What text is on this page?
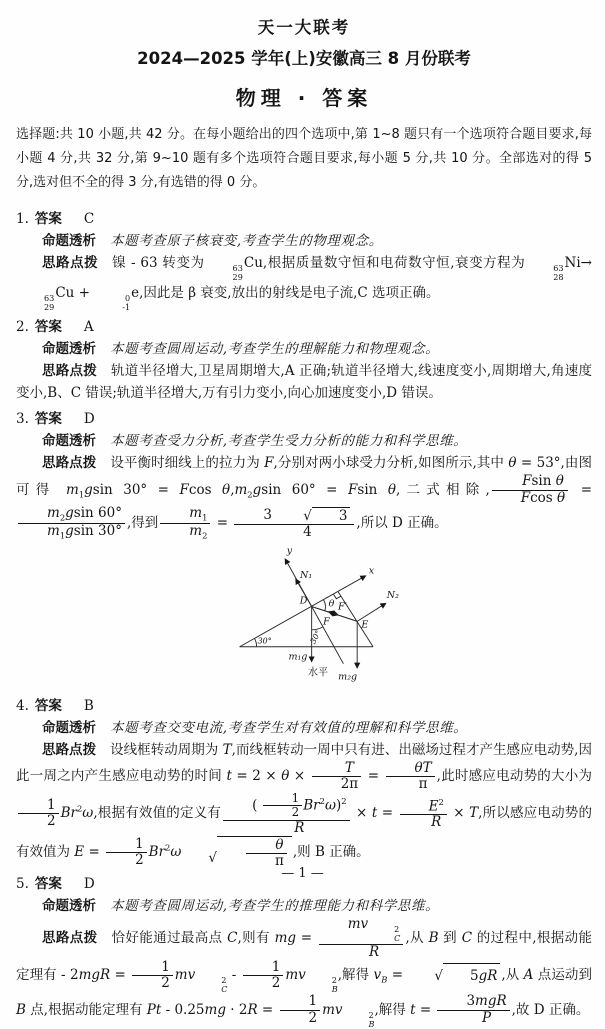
天一大联考
2024—2025 学年(上)安徽高三 8 月份联考
物理 · 答案

选择题:共 10 小题,共 42 分。在每小题给出的四个选项中,第 1~8 题只有一个选项符合题目要求,每小题 4 分,共 32 分,第 9~10 题有多个选项符合题目要求,每小题 5 分,共 10 分。全部选对的得 5 分,选对但不全的得 3 分,有选错的得 0 分。

1. 答案 C

命题透析 本题考查原子核衰变,考查学生的物理观念。

思路点拨 镍 - 63 转变为	63
29
Cu,根据质量数守恒和电荷数守恒,衰变方程为	63
28
Ni→
63
29
Cu +	0
-1
e,因此是 β 衰变,放出的射线是电子流,C 选项正确。

2. 答案 A

命题透析 本题考查圆周运动,考查学生的理解能力和物理观念。

思路点拨 轨道半径增大,卫星周期增大,A 正确;轨道半径增大,线速度变小,周期增大,角速度变小,B、C 错误;轨道半径增大,万有引力变小,向心加速度变小,D 错误。

3. 答案 D

命题透析 本题考查受力分析,考查学生受力分析的能力和科学思维。

思路点拨 设平衡时细线上的拉力为 F,分别对两小球受力分析,如图所示,其中 θ = 53°,由图可得 $m_1gsin$ 30° = Fcos $\theta,m_2gsin$ 60° = Fsin θ,二式相除, $\frac{\text{Fsin θ}}{\text{Fcos θ}}$ =
$\frac{m_2gsin 60^\circ}{m_1gsin 30^\circ}$ ,得到 $\frac{m_1}{m_2} = 3$	√	3
4 ,所以 D 正确。

y
x
N₁
N₂
D
E
θ F′
F
30°	30°
m₁g
m₂g
水平

4. 答案 B

命题透析 本题考查交变电流,考查学生对有效值的理解和科学思维。

思路点拨 设线框转动周期为 T,而线框转动一周中只有进、出磁场过程才产生感应电动势,因此一周之内产生感应电动势的时间 $t = 2 \times \theta \times \frac{T}{2\pi} = \frac{\theta T}{\pi}$ ,此时感应电动势的大小为
$\frac{1}{2} Br^2\omega$,根据有效值的定义有 $\frac{( \frac{1}{2} Br^2\omega)^2}{R} \times t = \frac{E^2}{R} \times T$,所以感应电动势的有效值为 $E = \frac{1}{2} Br^2\omega$	√ $\frac{\theta}{\pi}$ ,则 B 正确。

5. 答案 D

命题透析 本题考查圆周运动,考查学生的推理能力和科学思维。

思路点拨 恰好能通过最高点 C,则有 mg = mv	2
C
R ,从 B 到 C 的过程中,根据动能定理有 - $2mgR = \frac{1}{2}$ mv	2
C
- $\frac{1}{2}$ mv	2
B
,解得 $v_B$ =	√	5gR ,从 A 点运动到 B 点,根据动能定理有 $Pt - 0.25mg \cdot 2R = \frac{1}{2}$ mv	2
B
,解得 $t = \frac{\text{3mgR}}{P}$ ,故 D 正确。

— 1 —
